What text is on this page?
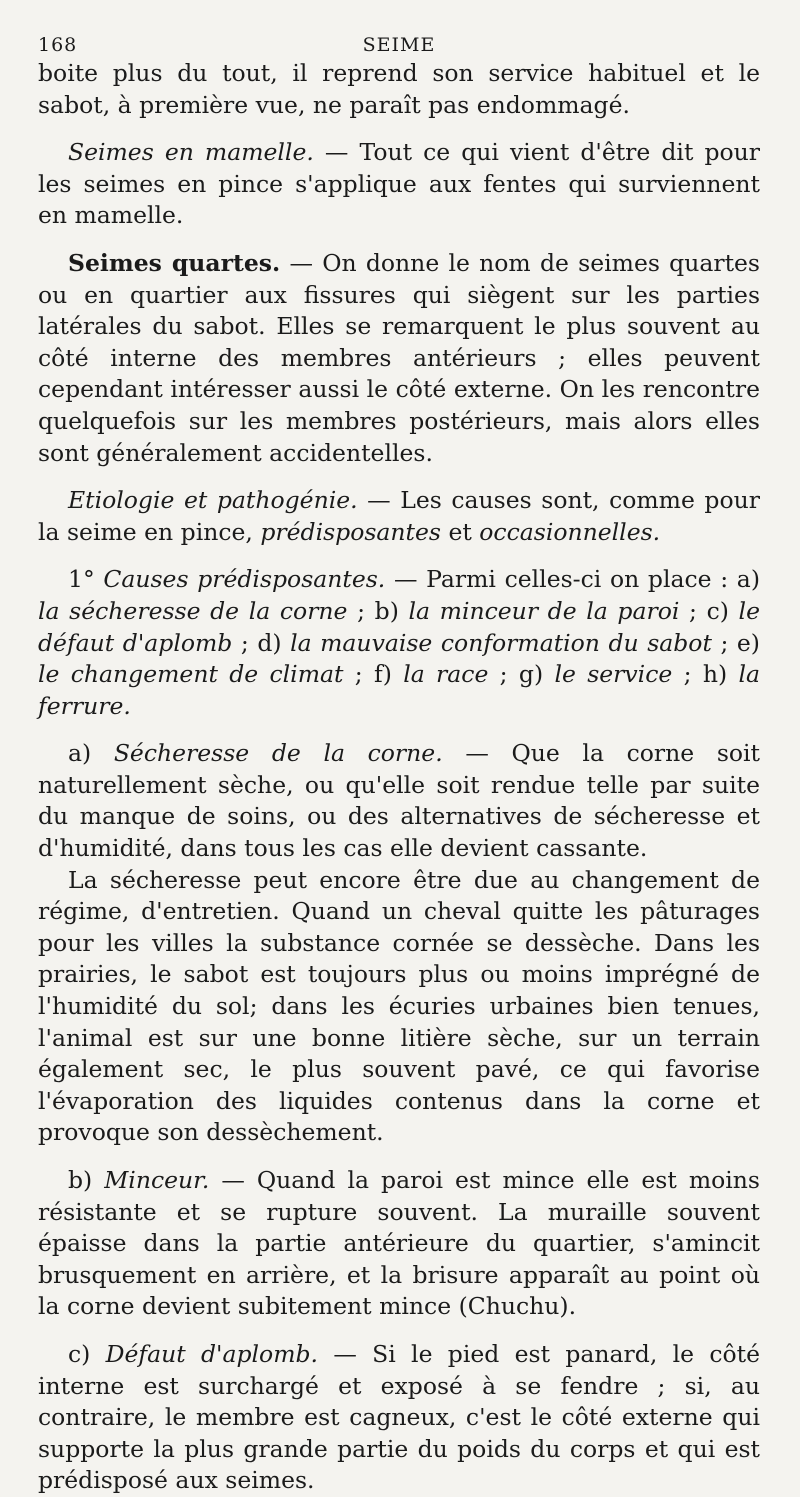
168	SEIME

boite plus du tout, il reprend son service habituel et le sabot, à première vue, ne paraît pas endommagé.

Seimes en mamelle. — Tout ce qui vient d'être dit pour les seimes en pince s'applique aux fentes qui surviennent en mamelle.

Seimes quartes. — On donne le nom de seimes quartes ou en quartier aux fissures qui siègent sur les parties latérales du sabot. Elles se remarquent le plus souvent au côté interne des membres antérieurs ; elles peuvent cependant intéresser aussi le côté externe. On les rencontre quelquefois sur les membres postérieurs, mais alors elles sont généralement accidentelles.

Etiologie et pathogénie. — Les causes sont, comme pour la seime en pince, prédisposantes et occasionnelles.

1° Causes prédisposantes. — Parmi celles-ci on place : a) la sécheresse de la corne ; b) la minceur de la paroi ; c) le défaut d'aplomb ; d) la mauvaise conformation du sabot ; e) le changement de climat ; f) la race ; g) le service ; h) la ferrure.

a) Sécheresse de la corne. — Que la corne soit naturellement sèche, ou qu'elle soit rendue telle par suite du manque de soins, ou des alternatives de sécheresse et d'humidité, dans tous les cas elle devient cassante.

La sécheresse peut encore être due au changement de régime, d'entretien. Quand un cheval quitte les pâturages pour les villes la substance cornée se dessèche. Dans les prairies, le sabot est toujours plus ou moins imprégné de l'humidité du sol; dans les écuries urbaines bien tenues, l'animal est sur une bonne litière sèche, sur un terrain également sec, le plus souvent pavé, ce qui favorise l'évaporation des liquides contenus dans la corne et provoque son dessèchement.

b) Minceur. — Quand la paroi est mince elle est moins résistante et se rupture souvent. La muraille souvent épaisse dans la partie antérieure du quartier, s'amincit brusquement en arrière, et la brisure apparaît au point où la corne devient subitement mince (Chuchu).

c) Défaut d'aplomb. — Si le pied est panard, le côté interne est surchargé et exposé à se fendre ; si, au contraire, le membre est cagneux, c'est le côté externe qui supporte la plus grande partie du poids du corps et qui est prédisposé aux seimes.
